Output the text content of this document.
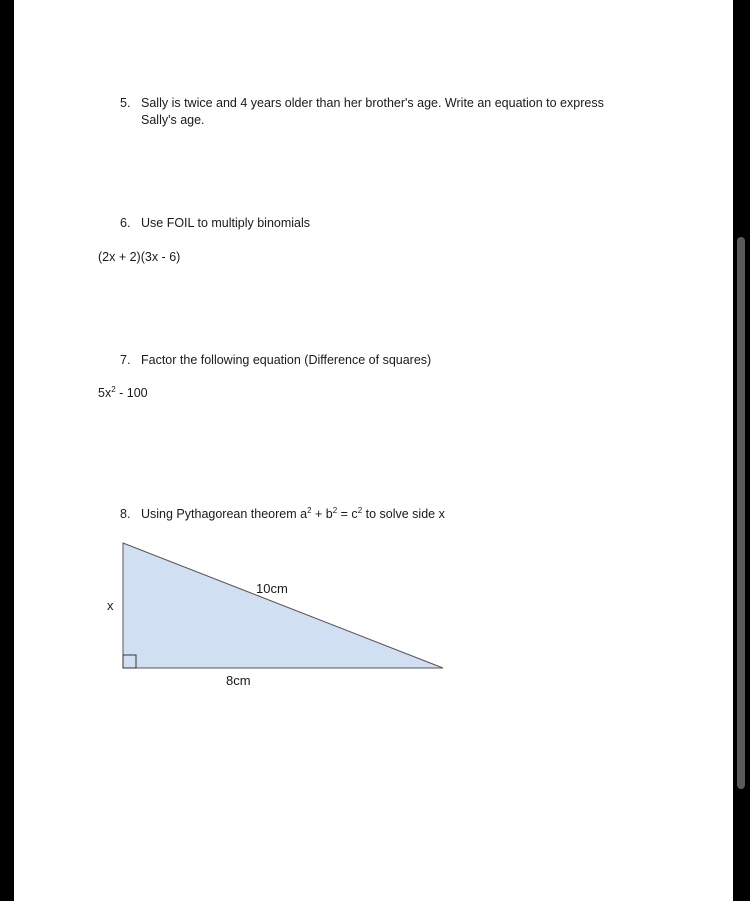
5. Sally is twice and 4 years older than her brother's age. Write an equation to express
Sally's age.
6. Use FOIL to multiply binomials
(2x + 2)(3x - 6)
7. Factor the following equation (Difference of squares)
$5x^2 - 100$
8. Using Pythagorean theorem $a^2 + b^2 = c^2$ to solve side x
x
10cm
8cm
